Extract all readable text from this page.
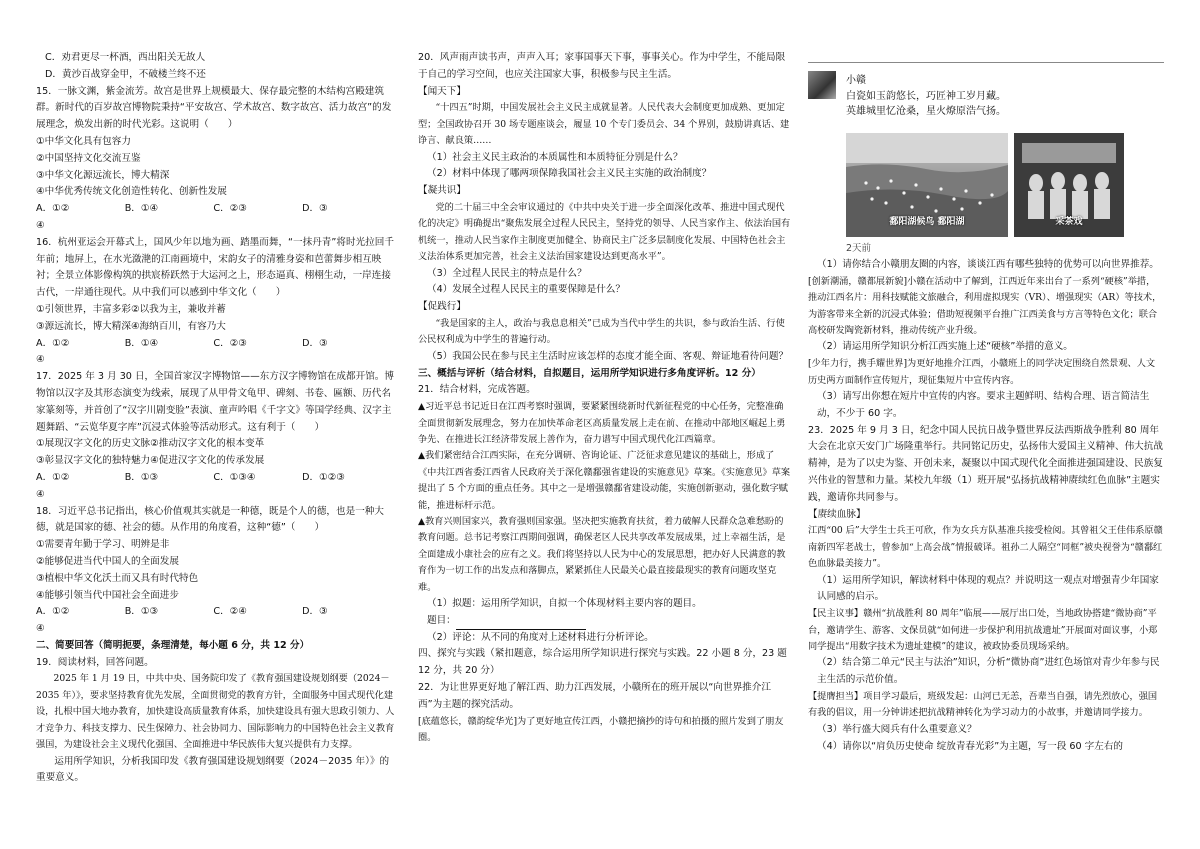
C．劝君更尽一杯酒，西出阳关无故人

D．黄沙百战穿金甲，不破楼兰终不还

15．一脉文渊，紫金流芳。故宫是世界上规模最大、保存最完整的木结构宫殿建筑群。新时代的百岁故宫博物院秉持“平安故宫、学术故宫、数字故宫、活力故宫”的发展理念，焕发出新的时代光彩。这说明（　　）

①中华文化具有包容力

②中国坚持文化交流互鉴

③中华文化源远流长，博大精深

④中华优秀传统文化创造性转化、创新性发展

A．①②	B．①④	C．②③	D．③

④

16．杭州亚运会开幕式上，国风少年以地为画、踏墨而舞，“一抹丹青”将时光拉回千年前；地屏上，在水光潋滟的江南画境中，宋韵女子的清雅身姿和芭蕾舞步相互映衬；全景立体影像构筑的拱宸桥跃然于大运河之上，形态逼真、栩栩生动，一岸连接古代，一岸通往现代。从中我们可以感到中华文化（　　）

①引领世界，丰富多彩②以我为主，兼收并蓄

③源远流长，博大精深④海纳百川，有容乃大

A．①②	B．①④	C．②③	D．③

④

17．2025 年 3 月 30 日，全国首家汉字博物馆——东方汉字博物馆在成都开馆。博物馆以汉字及其形态演变为线索，展现了从甲骨文龟甲、碑刻、书卷、匾额、历代名家篆刻等，并首创了“汉字川剧变脸”表演、童声吟唱《千字文》等国学经典、汉字主题舞蹈、“云览华夏字库”沉浸式体验等活动形式。这有利于（　　）

①展现汉字文化的历史文脉②推动汉字文化的根本变革

③彰显汉字文化的独特魅力④促进汉字文化的传承发展

A．①②	B．①③	C．①③④	D．①②③

④

18．习近平总书记指出，核心价值观其实就是一种德，既是个人的德，也是一种大德，就是国家的德、社会的德。从作用的角度看，这种“德”（　　）

①需要青年勤于学习、明辨是非

②能够促进当代中国人的全面发展

③植根中华文化沃土而又具有时代特色

④能够引领当代中国社会全面进步

A．①②	B．①③	C．②④	D．③

④

二、简要回答（简明扼要，条理清楚，每小题 6 分，共 12 分）

19．阅读材料，回答问题。

2025 年 1 月 19 日，中共中央、国务院印发了《教育强国建设规划纲要（2024－2035 年）》，要求坚持教育优先发展，全面贯彻党的教育方针，全面服务中国式现代化建设，扎根中国大地办教育，加快建设高质量教育体系，加快建设具有强大思政引领力、人才竞争力、科技支撑力、民生保障力、社会协同力、国际影响力的中国特色社会主义教育强国，为建设社会主义现代化强国、全面推进中华民族伟大复兴提供有力支撑。

运用所学知识，分析我国印发《教育强国建设规划纲要（2024－2035 年）》的重要意义。

20．风声雨声读书声，声声入耳；家事国事天下事，事事关心。作为中学生，不能局限于自己的学习空间，也应关注国家大事，积极参与民主生活。

【闻天下】

“十四五”时期，中国发展社会主义民主成就显著。人民代表大会制度更加成熟、更加定型；全国政协召开 30 场专题座谈会，履显 10 个专门委员会、34 个界别，鼓励讲真话、建诤言、献良策……

（1）社会主义民主政治的本质属性和本质特征分别是什么？

（2）材料中体现了哪两项保障我国社会主义民主实施的政治制度？

【凝共识】

党的二十届三中全会审议通过的《中共中央关于进一步全面深化改革、推进中国式现代化的决定》明确提出“聚焦发展全过程人民民主，坚持党的领导、人民当家作主、依法治国有机统一，推动人民当家作主制度更加健全、协商民主广泛多层制度化发展、中国特色社会主义法治体系更加完善，社会主义法治国家建设达到更高水平”。

（3）全过程人民民主的特点是什么？

（4）发展全过程人民民主的重要保障是什么？

【促践行】

“我是国家的主人，政治与我息息相关”已成为当代中学生的共识，参与政治生活、行使公民权利成为中学生的普遍行动。

（5）我国公民在参与民主生活时应该怎样的态度才能全面、客观、辩证地看待问题？

三、概括与评析（结合材料，自拟题目，运用所学知识进行多角度评析。12 分）

21．结合材料，完成答题。

▲习近平总书记近日在江西考察时强调，要紧紧围绕新时代新征程党的中心任务，完整准确全面贯彻新发展理念，努力在加快革命老区高质量发展上走在前、在推动中部地区崛起上勇争先、在推进长江经济带发展上善作为，奋力谱写中国式现代化江西篇章。

▲我们紧密结合江西实际，在充分调研、咨询论证、广泛征求意见建议的基础上，形成了《中共江西省委江西省人民政府关于深化赣鄱强省建设的实施意见》草案。《实施意见》草案提出了 5 个方面的重点任务。其中之一是增强赣鄱省建设动能，实施创新驱动，强化数字赋能，推进标杆示范。

▲教育兴则国家兴，教育强则国家强。坚决把实施教育扶贫，着力破解人民群众急难愁盼的教育问题。总书记考察江西期间强调，确保老区人民共享改革发展成果，过上幸福生活，是全面建成小康社会的应有之义。我们将坚持以人民为中心的发展思想，把办好人民满意的教育作为一切工作的出发点和落脚点，紧紧抓住人民最关心最直接最现实的教育问题攻坚克难。

（1）拟题：运用所学知识，自拟一个体现材料主要内容的题目。

题目：

（2）评论：从不同的角度对上述材料进行分析评论。

四、探究与实践（紧扣题意，综合运用所学知识进行探究与实践。22 小题 8 分，23 题 12 分，共 20 分）

22．为让世界更好地了解江西、助力江西发展，小赣所在的班开展以“向世界推介江西”为主题的探究活动。

[底蕴悠长，赣韵绽华光]为了更好地宣传江西，小赣把摘抄的诗句和拍摄的照片发到了朋友圈。

小赣
白瓷如玉韵悠长，巧匠神工岁月藏。
英雄城里忆沧桑，星火燎原浩气扬。
鄱阳湖候鸟 鄱阳湖	采茶戏
2天前

（1）请你结合小赣朋友圈的内容，谈谈江西有哪些独特的优势可以向世界推荐。

[创新潮涌，赣都展新貌]小赣在活动中了解到，江西近年来出台了一系列“硬核”举措，推动江西名片：用科技赋能文旅融合，利用虚拟现实（VR）、增强现实（AR）等技术，为游客带来全新的沉浸式体验；借助短视频平台推广江西美食与方言等特色文化；联合高校研发陶瓷新材料，推动传统产业升级。

（2）请运用所学知识分析江西实施上述“硬核”举措的意义。

[少年力行，携手耀世界]为更好地推介江西，小赣班上的同学决定围绕自然景观、人文历史两方面制作宣传短片，现征集短片中宣传内容。

（3）请写出你想在短片中宣传的内容。要求主题鲜明、结构合理、语言简洁生动，不少于 60 字。

23．2025 年 9 月 3 日，纪念中国人民抗日战争暨世界反法西斯战争胜利 80 周年大会在北京天安门广场隆重举行。共同铭记历史，弘扬伟大爱国主义精神、伟大抗战精神，是为了以史为鉴、开创未来，凝聚以中国式现代化全面推进强国建设、民族复兴伟业的智慧和力量。某校九年级（1）班开展“弘扬抗战精神赓续红色血脉”主题实践，邀请你共同参与。

【赓续血脉】

江西“00 后”大学生士兵王可欣，作为女兵方队基准兵接受检阅。其曾祖父王佳伟系原赣南新四军老战士，曾参加“上高会战”情报破译。祖孙二人隔空“同框”被央视誉为“赣鄱红色血脉最美接力”。

（1）运用所学知识，解读材料中体现的观点？并说明这一观点对增强青少年国家认同感的启示。

【民主议事】赣州“抗战胜利 80 周年”临展——展厅出口处，当地政协搭建“微协商”平台，邀请学生、游客、文保员就“如何进一步保护利用抗战遗址”开展面对面议事，小郑同学提出“用数字技术为遗址建模”的建议，被政协委员现场采纳。

（2）结合第二单元“民主与法治”知识，分析“微协商”进红色场馆对青少年参与民主生活的示范价值。

【提膺担当】项目学习最后，班级发起：山河已无恙，吾辈当自强，请先烈放心，强国有我的倡议，用一分钟讲述把抗战精神转化为学习动力的小故事，并邀请同学接力。

（3）举行盛大阅兵有什么重要意义？

（4）请你以“肩负历史使命 绽放青春光彩”为主题，写一段 60 字左右的
